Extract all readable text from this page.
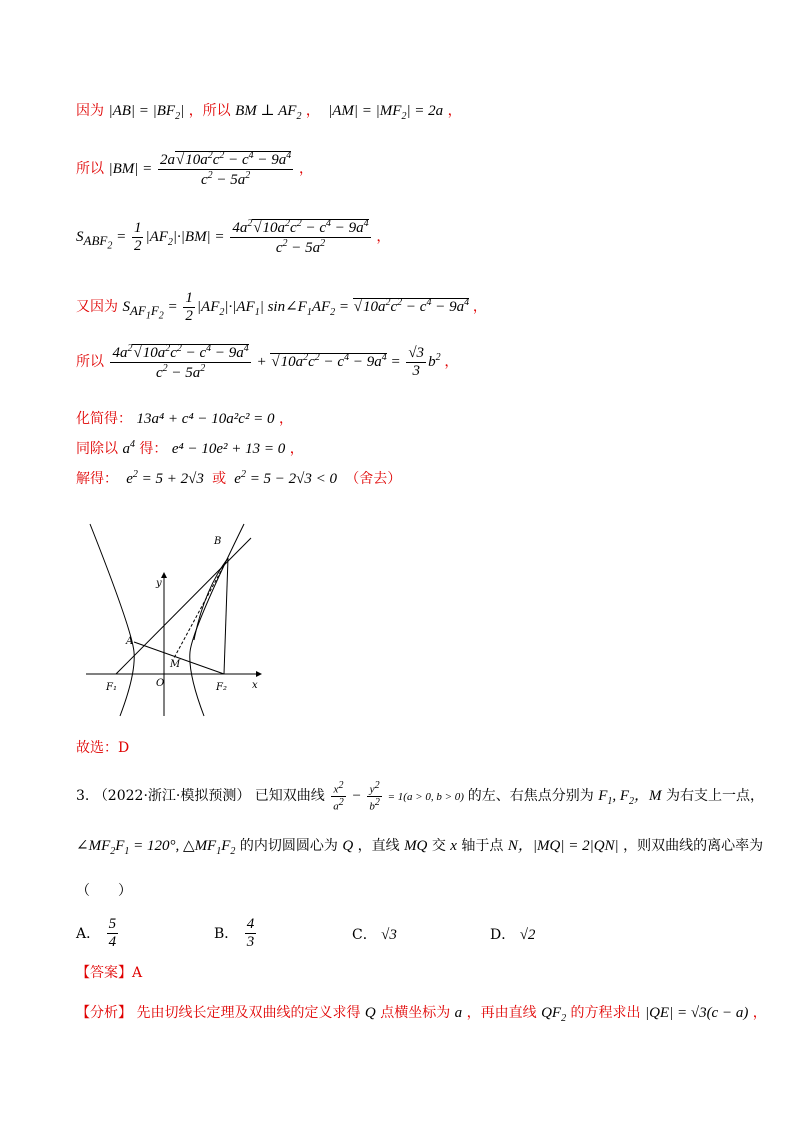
因为 $|AB| = |BF_2|$ ，所以 BM ⊥ $AF_2$ ，  $|AM| = |MF_2| = 2a$ ，
所以 $|BM| = \frac{2a√10a^2c^2 - c^4 - 9a^4}{c^2 - 5a^2}$ ，
$S_{ABF_2} = \frac{1}{2} |AF_2|\cdot|BM| = \frac{4a^2√10a^2c^2 - c^4 - 9a^4}{c^2 - 5a^2}$ ，
又因为 $S_{AF_1F_2} = \frac{1}{2} |AF_2|\cdot|AF_1|$ $\sin\angle F_1AF_2 = √10a^2c^2 - c^4 - 9a^4$ ，
所以 $\frac{4a^2√10a^2c^2 - c^4 - 9a^4}{c^2 - 5a^2} + √10a^2c^2 - c^4 - 9a^4 = \frac{√3}{3} b^2$ ，
化简得： 13a⁴ + c⁴ − 10a²c² = 0 ，
同除以 $a^4$ 得： e⁴ − 10e² + 13 = 0 ，
解得：  $e^2 = 5 + 2√3$  或  $e^2 = 5 - 2√3 < 0$  （舍去）
B
y
A
M
O
F₁	F₂	x
故选：D
3. （2022·浙江·模拟预测） 已知双曲线 $\frac{x^2}{a^2} - \frac{y^2}{b^2} = 1(a > 0$, b > 0) 的左、右焦点分别为 $F_1$, $F_2$，M 为右支上一点，
$\angle MF_2F_1 = 120^\circ$, $\triangle MF_1F_2$ 的内切圆圆心为 Q ，直线 MQ 交 x 轴于点 N，|MQ| = 2|QN| ，则双曲线的离心率为
（　　）
A． $\frac{5}{4}$	B． $\frac{4}{3}$	C． √3	D． √2
【答案】A
【分析】 先由切线长定理及双曲线的定义求得 Q 点横坐标为 a ，再由直线 $QF_2$ 的方程求出 |QE| = √3(c − a) ，
